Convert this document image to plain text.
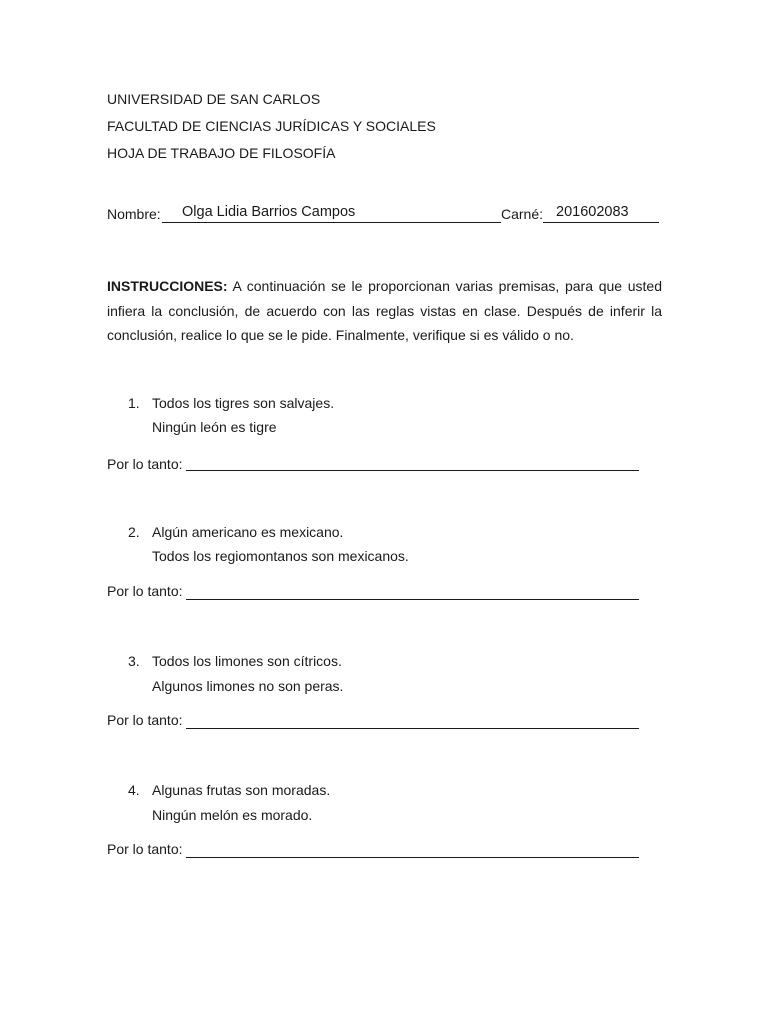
UNIVERSIDAD DE SAN CARLOS
FACULTAD DE CIENCIAS JURÍDICAS Y SOCIALES
HOJA DE TRABAJO DE FILOSOFÍA
Nombre: Olga Lidia Barrios Campos	Carné: 201602083

INSTRUCCIONES: A continuación se le proporcionan varias premisas, para que usted infiera la conclusión, de acuerdo con las reglas vistas en clase. Después de inferir la conclusión, realice lo que se le pide. Finalmente, verifique si es válido o no.

1. Todos los tigres son salvajes.
Ningún león es tigre
Por lo tanto:
2. Algún americano es mexicano.
Todos los regiomontanos son mexicanos.
Por lo tanto:
3. Todos los limones son cítricos.
Algunos limones no son peras.
Por lo tanto:
4. Algunas frutas son moradas.
Ningún melón es morado.
Por lo tanto:
